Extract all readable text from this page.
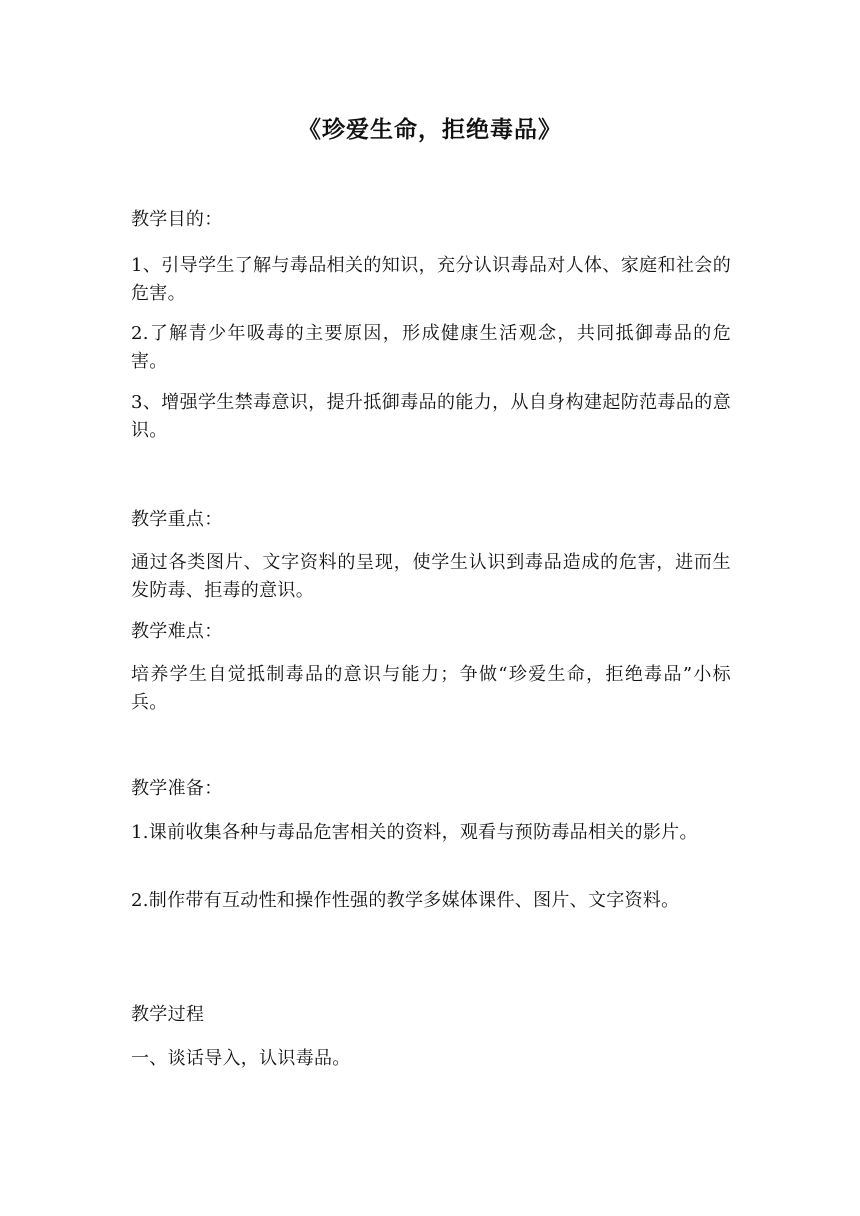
《珍爱生命，拒绝毒品》

教学目的：

1、引导学生了解与毒品相关的知识，充分认识毒品对人体、家庭和社会的危害。

2.了解青少年吸毒的主要原因，形成健康生活观念，共同抵御毒品的危害。

3、增强学生禁毒意识，提升抵御毒品的能力，从自身构建起防范毒品的意识。

教学重点：

通过各类图片、文字资料的呈现，使学生认识到毒品造成的危害，进而生发防毒、拒毒的意识。

教学难点：

培养学生自觉抵制毒品的意识与能力；争做“珍爱生命，拒绝毒品”小标兵。

教学准备：

1.课前收集各种与毒品危害相关的资料，观看与预防毒品相关的影片。

2.制作带有互动性和操作性强的教学多媒体课件、图片、文字资料。

教学过程

一、谈话导入，认识毒品。
